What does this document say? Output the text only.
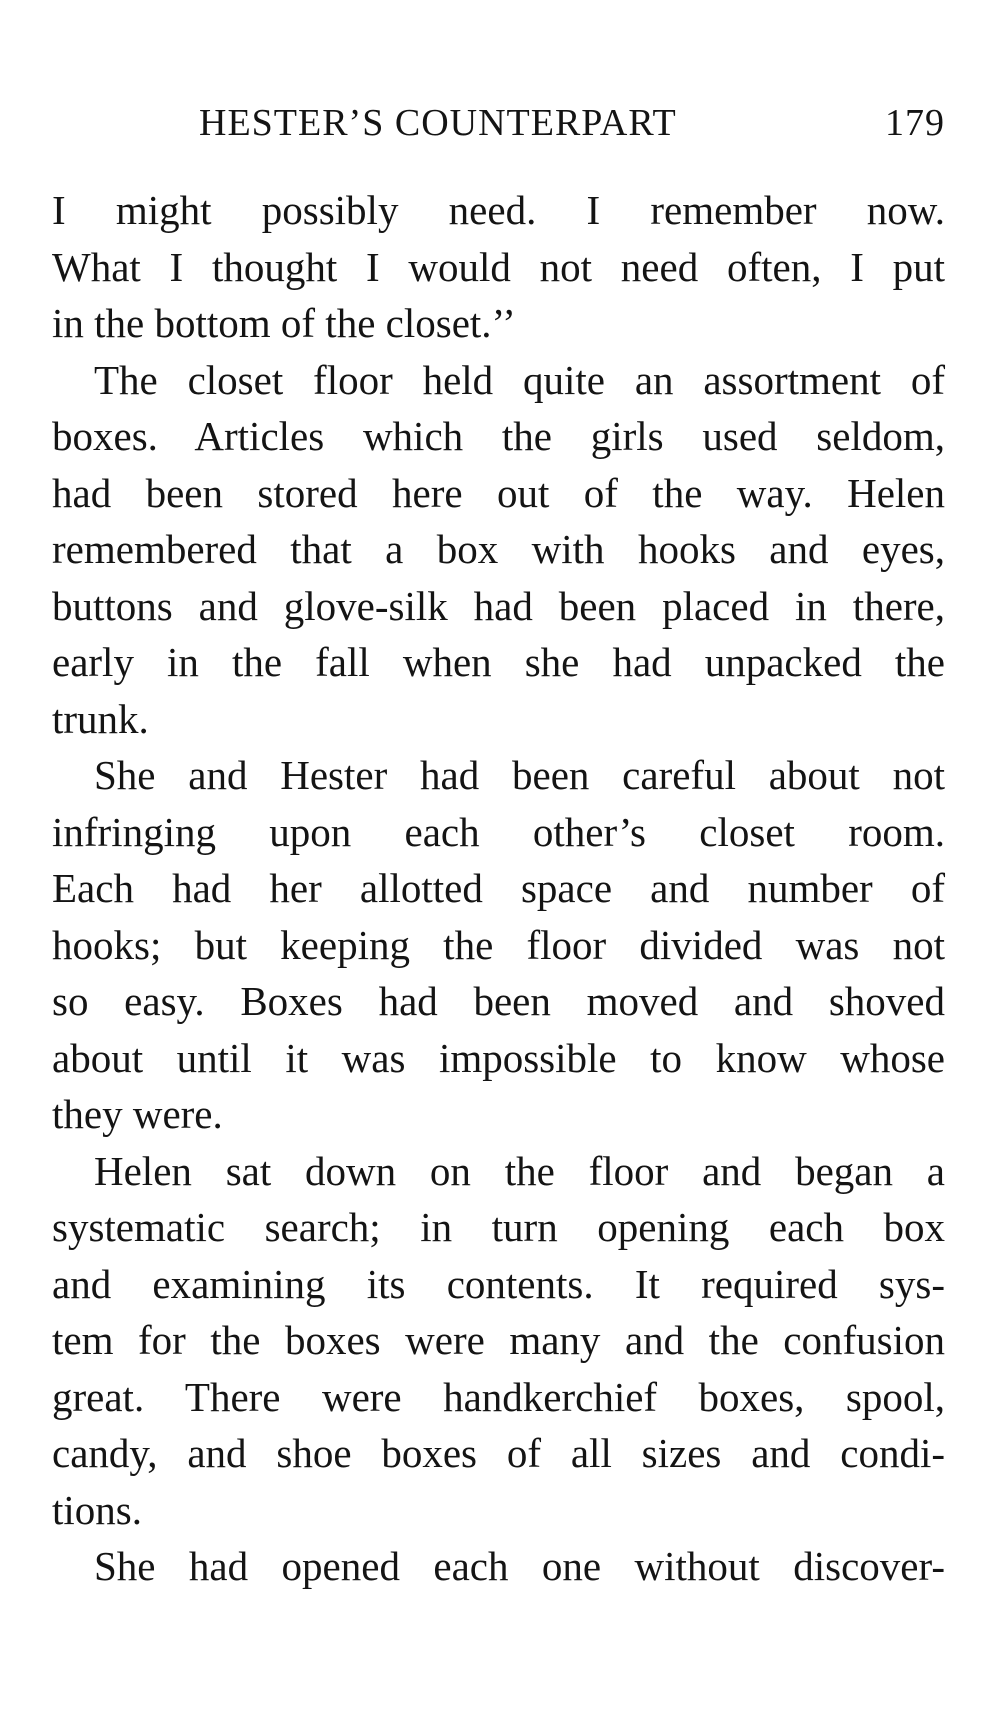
HESTER’S COUNTERPART	179
I might possibly need. I remember now.
What I thought I would not need often, I put
in the bottom of the closet.’’
The closet floor held quite an assortment of
boxes. Articles which the girls used seldom,
had been stored here out of the way. Helen
remembered that a box with hooks and eyes,
buttons and glove-silk had been placed in there,
early in the fall when she had unpacked the
trunk.
She and Hester had been careful about not
infringing upon each other’s closet room.
Each had her allotted space and number of
hooks; but keeping the floor divided was not
so easy. Boxes had been moved and shoved
about until it was impossible to know whose
they were.
Helen sat down on the floor and began a
systematic search; in turn opening each box
and examining its contents. It required sys-
tem for the boxes were many and the confusion
great. There were handkerchief boxes, spool,
candy, and shoe boxes of all sizes and condi-
tions.
She had opened each one without discover-
